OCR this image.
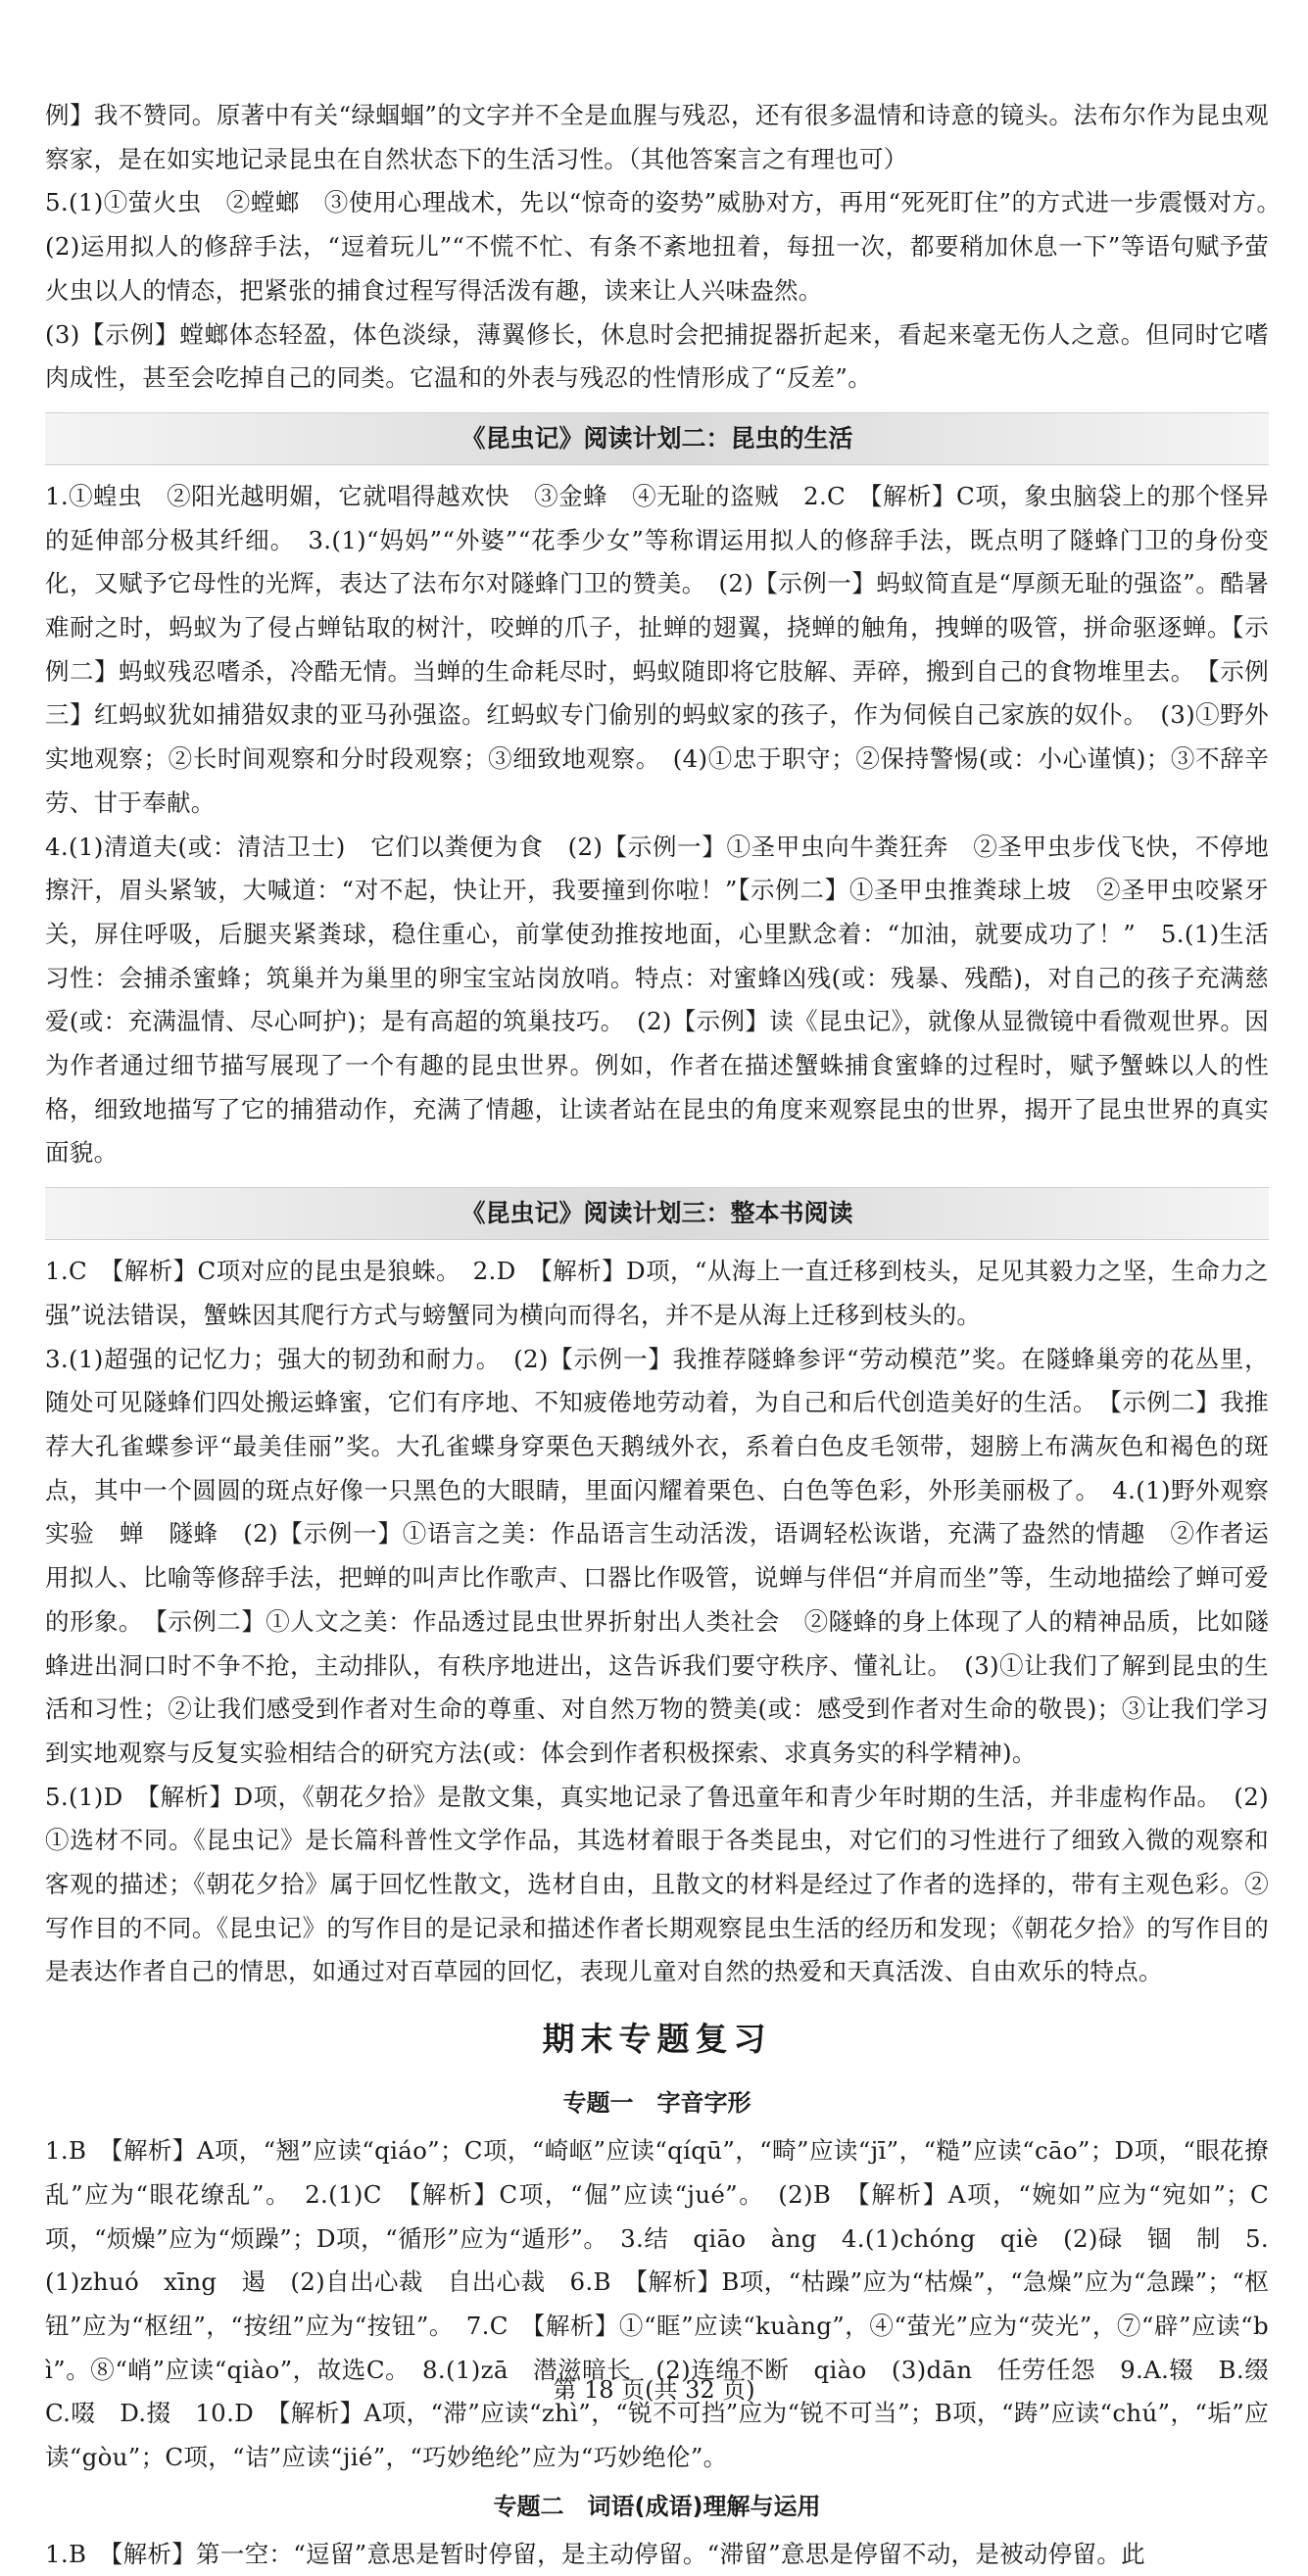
例】我不赞同。原著中有关“绿蝈蝈”的文字并不全是血腥与残忍，还有很多温情和诗意的镜头。法布尔作为昆虫观察家，是在如实地记录昆虫在自然状态下的生活习性。（其他答案言之有理也可）
5.(1)①萤火虫　②螳螂　③使用心理战术，先以“惊奇的姿势”威胁对方，再用“死死盯住”的方式进一步震慑对方。　(2)运用拟人的修辞手法，“逗着玩儿”“不慌不忙、有条不紊地扭着，每扭一次，都要稍加休息一下”等语句赋予萤火虫以人的情态，把紧张的捕食过程写得活泼有趣，读来让人兴味盎然。
(3)【示例】螳螂体态轻盈，体色淡绿，薄翼修长，休息时会把捕捉器折起来，看起来毫无伤人之意。但同时它嗜肉成性，甚至会吃掉自己的同类。它温和的外表与残忍的性情形成了“反差”。
《昆虫记》阅读计划二：昆虫的生活
1.①蝗虫　②阳光越明媚，它就唱得越欢快　③金蜂　④无耻的盗贼　2.C　【解析】C项，象虫脑袋上的那个怪异的延伸部分极其纤细。　3.(1)“妈妈”“外婆”“花季少女”等称谓运用拟人的修辞手法，既点明了隧蜂门卫的身份变化，又赋予它母性的光辉，表达了法布尔对隧蜂门卫的赞美。　(2)【示例一】蚂蚁简直是“厚颜无耻的强盗”。酷暑难耐之时，蚂蚁为了侵占蝉钻取的树汁，咬蝉的爪子，扯蝉的翅翼，挠蝉的触角，拽蝉的吸管，拼命驱逐蝉。【示例二】蚂蚁残忍嗜杀，冷酷无情。当蝉的生命耗尽时，蚂蚁随即将它肢解、弄碎，搬到自己的食物堆里去。　【示例三】红蚂蚁犹如捕猎奴隶的亚马孙强盗。红蚂蚁专门偷别的蚂蚁家的孩子，作为伺候自己家族的奴仆。　(3)①野外实地观察；②长时间观察和分时段观察；③细致地观察。　(4)①忠于职守；②保持警惕(或：小心谨慎)；③不辞辛劳、甘于奉献。
4.(1)清道夫(或：清洁卫士)　它们以粪便为食　(2)【示例一】①圣甲虫向牛粪狂奔　②圣甲虫步伐飞快，不停地擦汗，眉头紧皱，大喊道：“对不起，快让开，我要撞到你啦！”【示例二】①圣甲虫推粪球上坡　②圣甲虫咬紧牙关，屏住呼吸，后腿夹紧粪球，稳住重心，前掌使劲推按地面，心里默念着：“加油，就要成功了！”　5.(1)生活习性：会捕杀蜜蜂；筑巢并为巢里的卵宝宝站岗放哨。特点：对蜜蜂凶残(或：残暴、残酷)，对自己的孩子充满慈爱(或：充满温情、尽心呵护)；是有高超的筑巢技巧。　(2)【示例】读《昆虫记》，就像从显微镜中看微观世界。因为作者通过细节描写展现了一个有趣的昆虫世界。例如，作者在描述蟹蛛捕食蜜蜂的过程时，赋予蟹蛛以人的性格，细致地描写了它的捕猎动作，充满了情趣，让读者站在昆虫的角度来观察昆虫的世界，揭开了昆虫世界的真实面貌。
《昆虫记》阅读计划三：整本书阅读
1.C　【解析】C项对应的昆虫是狼蛛。　2.D　【解析】D项，“从海上一直迁移到枝头，足见其毅力之坚，生命力之强”说法错误，蟹蛛因其爬行方式与螃蟹同为横向而得名，并不是从海上迁移到枝头的。
3.(1)超强的记忆力；强大的韧劲和耐力。　(2)【示例一】我推荐隧蜂参评“劳动模范”奖。在隧蜂巢旁的花丛里，随处可见隧蜂们四处搬运蜂蜜，它们有序地、不知疲倦地劳动着，为自己和后代创造美好的生活。　【示例二】我推荐大孔雀蝶参评“最美佳丽”奖。大孔雀蝶身穿栗色天鹅绒外衣，系着白色皮毛领带，翅膀上布满灰色和褐色的斑点，其中一个圆圆的斑点好像一只黑色的大眼睛，里面闪耀着栗色、白色等色彩，外形美丽极了。　4.(1)野外观察　实验　蝉　隧蜂　(2)【示例一】①语言之美：作品语言生动活泼，语调轻松诙谐，充满了盎然的情趣　②作者运用拟人、比喻等修辞手法，把蝉的叫声比作歌声、口器比作吸管，说蝉与伴侣“并肩而坐”等，生动地描绘了蝉可爱的形象。　【示例二】①人文之美：作品透过昆虫世界折射出人类社会　②隧蜂的身上体现了人的精神品质，比如隧蜂进出洞口时不争不抢，主动排队，有秩序地进出，这告诉我们要守秩序、懂礼让。　(3)①让我们了解到昆虫的生活和习性；②让我们感受到作者对生命的尊重、对自然万物的赞美(或：感受到作者对生命的敬畏)；③让我们学习到实地观察与反复实验相结合的研究方法(或：体会到作者积极探索、求真务实的科学精神)。
5.(1)D　【解析】D项，《朝花夕拾》是散文集，真实地记录了鲁迅童年和青少年时期的生活，并非虚构作品。　(2)①选材不同。《昆虫记》是长篇科普性文学作品，其选材着眼于各类昆虫，对它们的习性进行了细致入微的观察和客观的描述；《朝花夕拾》属于回忆性散文，选材自由，且散文的材料是经过了作者的选择的，带有主观色彩。②写作目的不同。《昆虫记》的写作目的是记录和描述作者长期观察昆虫生活的经历和发现；《朝花夕拾》的写作目的是表达作者自己的情思，如通过对百草园的回忆，表现儿童对自然的热爱和天真活泼、自由欢乐的特点。
期末专题复习
专题一　字音字形
1.B　【解析】A项，“翘”应读“qiáo”；C项，“崎岖”应读“qíqū”，“畸”应读“jī”，“糙”应读“cāo”；D项，“眼花撩乱”应为“眼花缭乱”。　2.(1)C　【解析】C项，“倔”应读“jué”。　(2)B　【解析】A项，“婉如”应为“宛如”；C项，“烦燥”应为“烦躁”；D项，“循形”应为“遁形”。　3.结　qiāo　àng　4.(1)chóng　qiè　(2)碌　锢　制　5.(1)zhuó　xīng　遏　(2)自出心裁　自出心裁　6.B　【解析】B项，“枯躁”应为“枯燥”，“急燥”应为“急躁”；“枢钮”应为“枢纽”，“按纽”应为“按钮”。　7.C　【解析】①“眶”应读“kuàng”，④“萤光”应为“荧光”，⑦“辟”应读“bì”。⑧“峭”应读“qiào”，故选C。　8.(1)zā　潜滋暗长　(2)连绵不断　qiào　(3)dān　任劳任怨　9.A.辍　B.缀　C.啜　D.掇　10.D　【解析】A项，“滞”应读“zhì”，“锐不可挡”应为“锐不可当”；B项，“踌”应读“chú”，“垢”应读“gòu”；C项，“诘”应读“jié”，“巧妙绝纶”应为“巧妙绝伦”。
专题二　词语(成语)理解与运用
1.B　【解析】第一空：“逗留”意思是暂时停留，是主动停留。“滞留”意思是停留不动，是被动停留。此
第 18 页(共 32 页)
